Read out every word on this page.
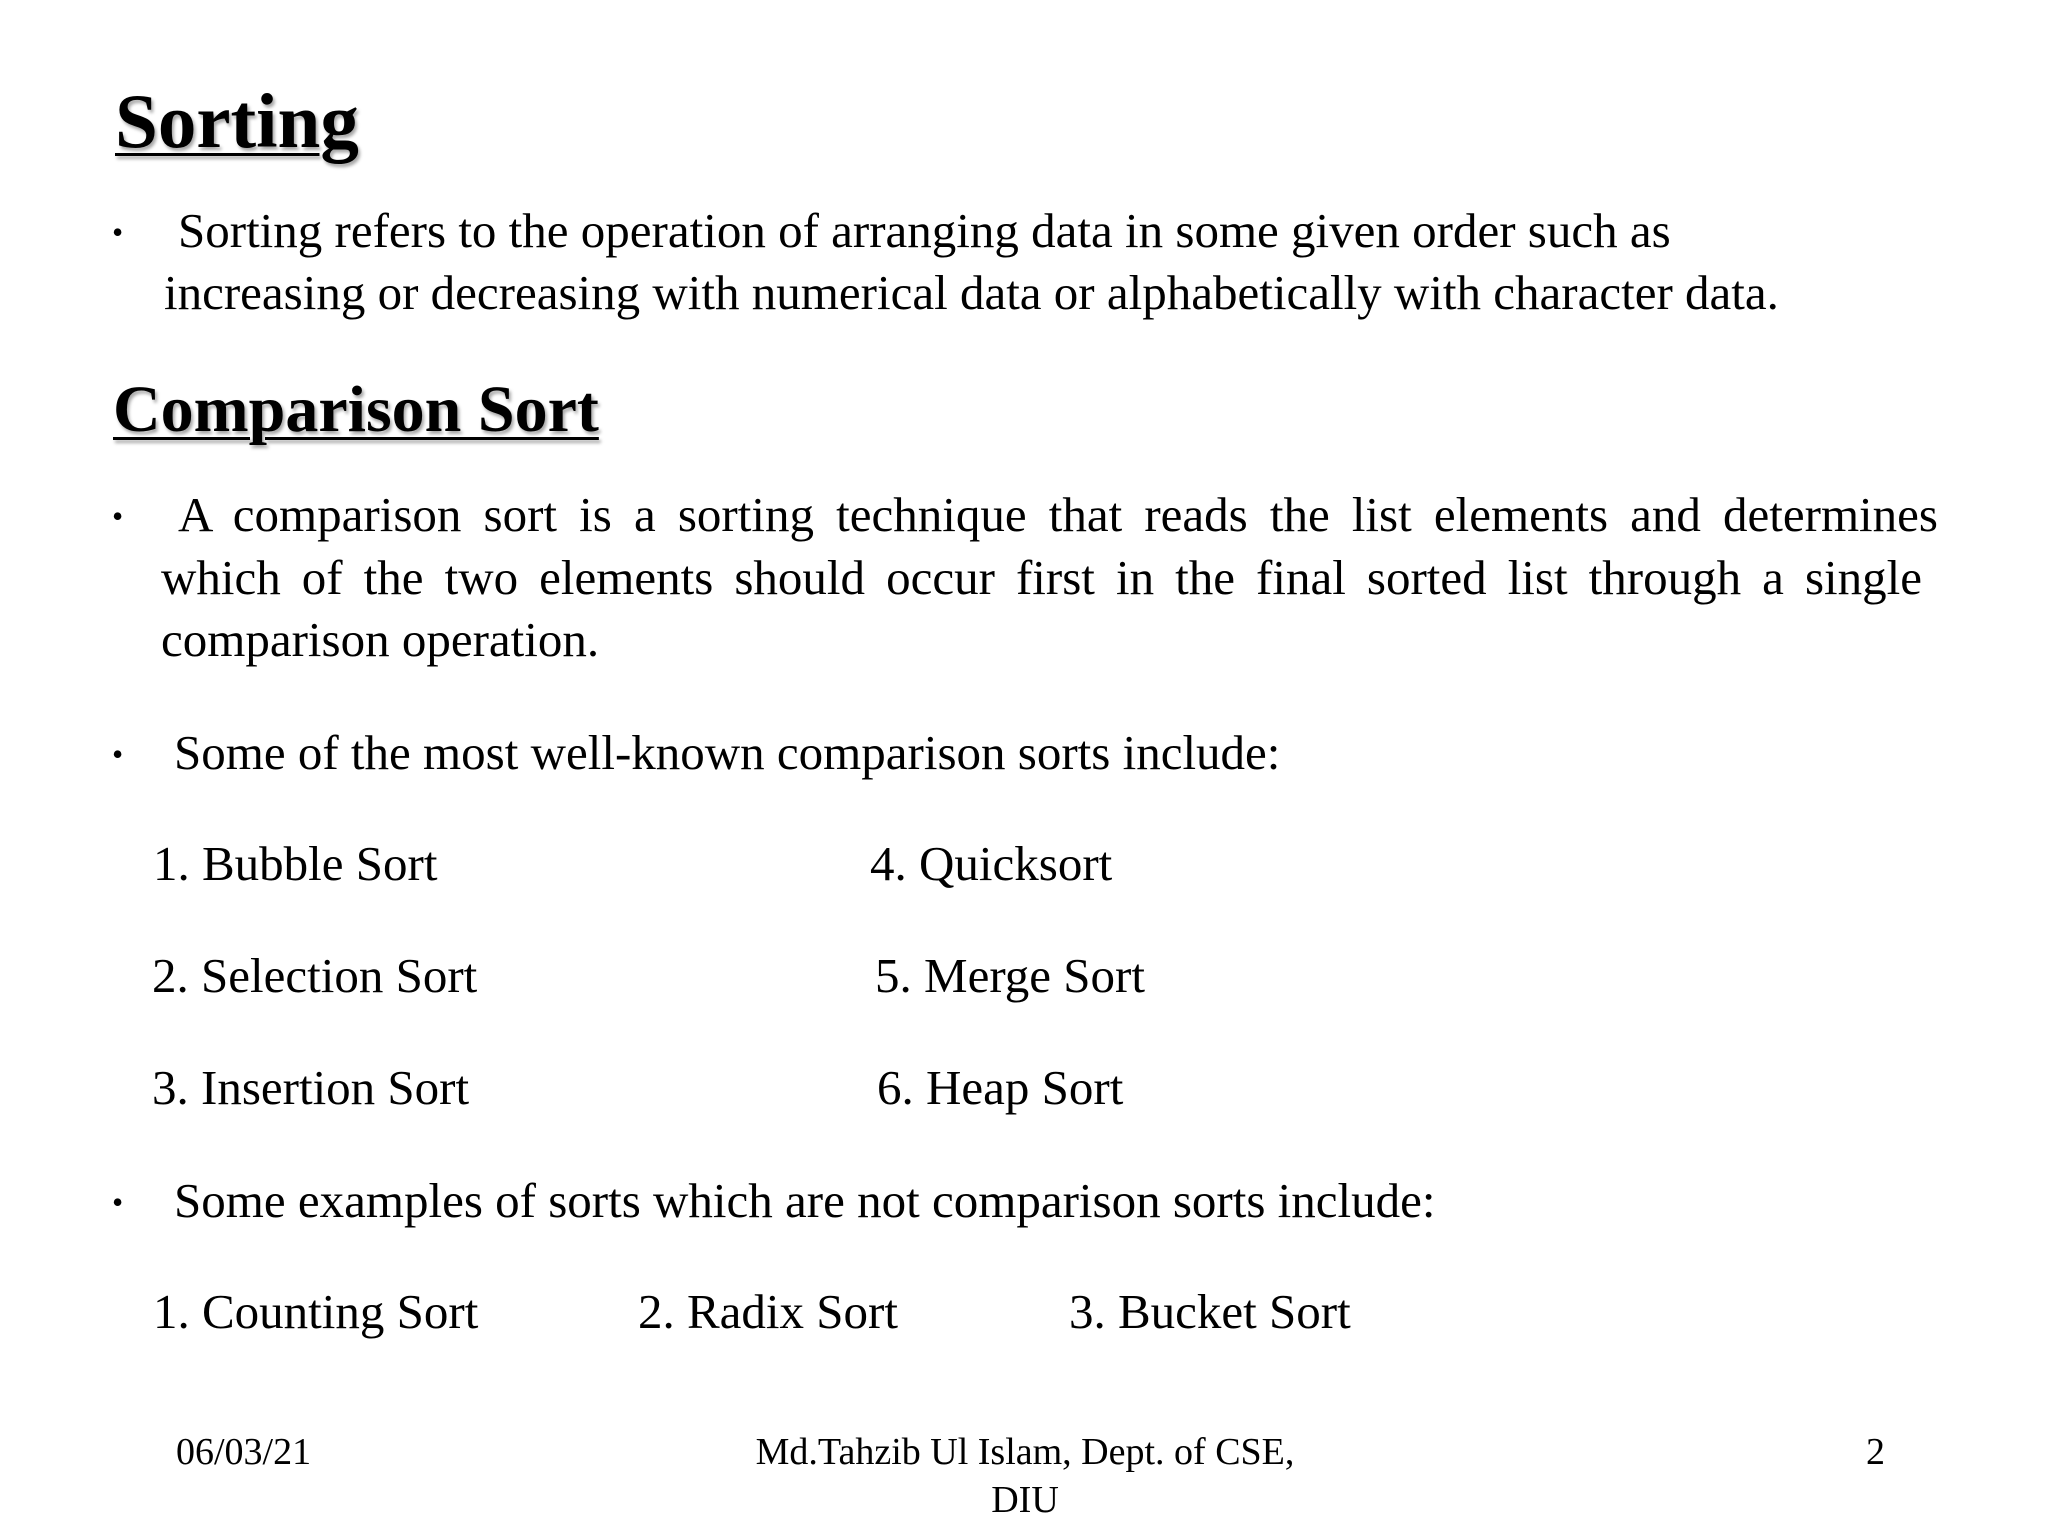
Sorting
• Sorting refers to the operation of arranging data in some given order such as
increasing or decreasing with numerical data or alphabetically with character data.
Comparison Sort
• A comparison sort is a sorting technique that reads the list elements and determines
which of the two elements should occur first in the final sorted list through a single
comparison operation.
• Some of the most well-known comparison sorts include:
1. Bubble Sort
2. Selection Sort
3. Insertion Sort
4. Quicksort
5. Merge Sort
6. Heap Sort
• Some examples of sorts which are not comparison sorts include:
1. Counting Sort	2. Radix Sort	3. Bucket Sort
06/03/21	Md.Tahzib Ul Islam, Dept. of CSE,
DIU
2
